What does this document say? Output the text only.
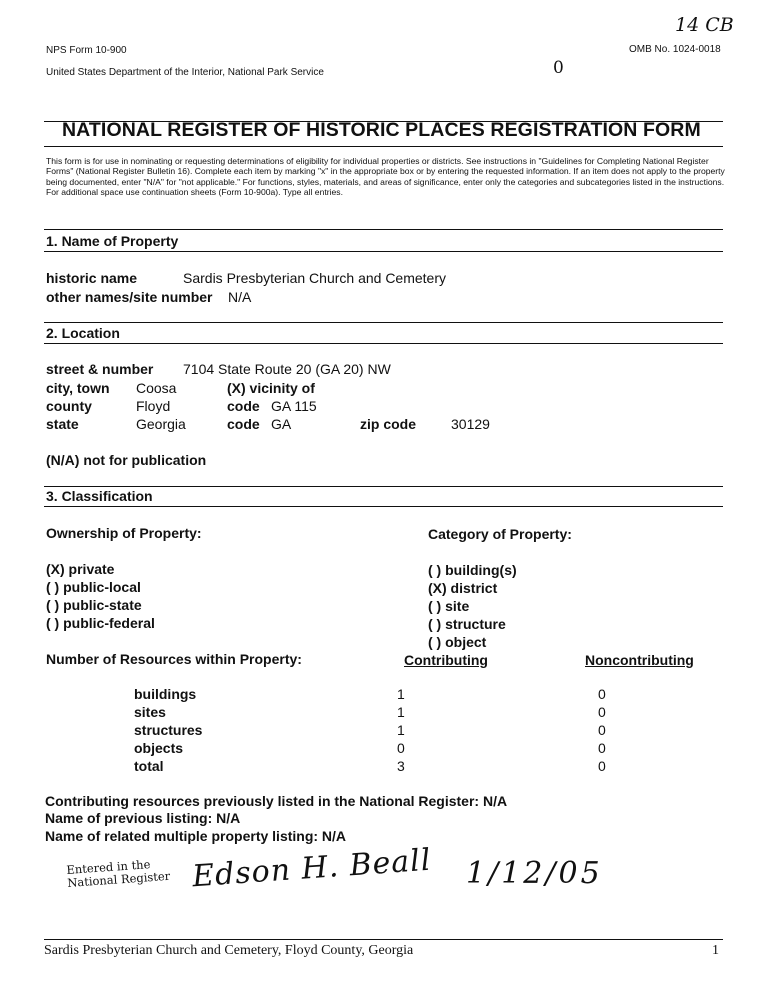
NPS Form 10-900
United States Department of the Interior, National Park Service
OMB No. 1024-0018
14 CB
0
NATIONAL REGISTER OF HISTORIC PLACES REGISTRATION FORM
This form is for use in nominating or requesting determinations of eligibility for individual properties or districts. See instructions in "Guidelines for Completing National Register Forms" (National Register Bulletin 16). Complete each item by marking "x" in the appropriate box or by entering the requested information. If an item does not apply to the property being documented, enter "N/A" for "not applicable." For functions, styles, materials, and areas of significance, enter only the categories and subcategories listed in the instructions. For additional space use continuation sheets (Form 10-900a). Type all entries.
1. Name of Property
historic name	Sardis Presbyterian Church and Cemetery
other names/site number N/A
2. Location
street & number 7104 State Route 20 (GA 20) NW
city, town Coosa	(X) vicinity of
county	Floyd	code GA 115
state	Georgia	code GA	zip code 30129
(N/A) not for publication
3. Classification
Ownership of Property:	Category of Property:
(X) private
( ) public-local
( ) public-state
( ) public-federal
( ) building(s)
(X) district
( ) site
( ) structure
( ) object
Number of Resources within Property:	Contributing	Noncontributing
buildings	1	0
sites	1	0
structures	1	0
objects	0	0
total	3	0
Contributing resources previously listed in the National Register: N/A
Name of previous listing: N/A
Name of related multiple property listing: N/A
Entered in the National Register Edson H. Beall 1/12/05
Sardis Presbyterian Church and Cemetery, Floyd County, Georgia	1
